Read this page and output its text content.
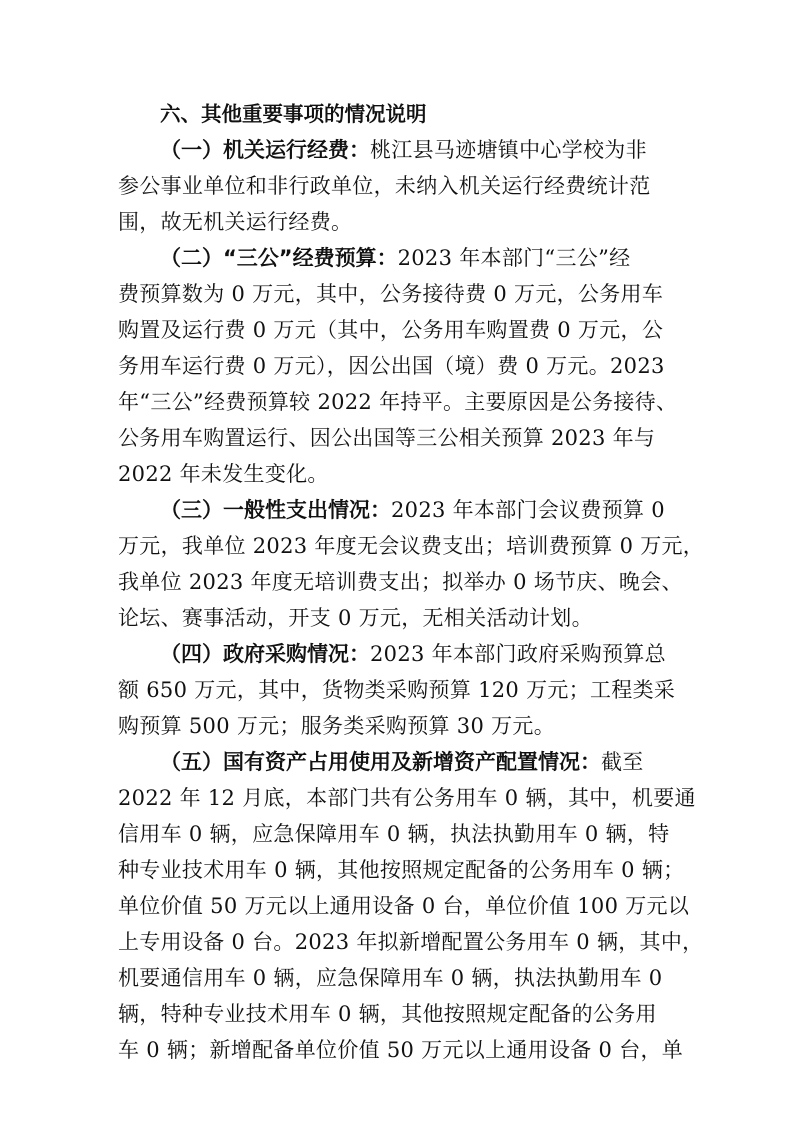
六、其他重要事项的情况说明
（一）机关运行经费：桃江县马迹塘镇中心学校为非
参公事业单位和非行政单位，未纳入机关运行经费统计范
围，故无机关运行经费。
（二）“三公”经费预算：2023 年本部门“三公”经
费预算数为 0 万元，其中，公务接待费 0 万元，公务用车
购置及运行费 0 万元（其中，公务用车购置费 0 万元，公
务用车运行费 0 万元），因公出国（境）费 0 万元。2023
年“三公”经费预算较 2022 年持平。主要原因是公务接待、
公务用车购置运行、因公出国等三公相关预算 2023 年与
2022 年未发生变化。
（三）一般性支出情况：2023 年本部门会议费预算 0
万元，我单位 2023 年度无会议费支出；培训费预算 0 万元，
我单位 2023 年度无培训费支出；拟举办 0 场节庆、晚会、
论坛、赛事活动，开支 0 万元，无相关活动计划。
（四）政府采购情况：2023 年本部门政府采购预算总
额 650 万元，其中，货物类采购预算 120 万元；工程类采
购预算 500 万元；服务类采购预算 30 万元。
（五）国有资产占用使用及新增资产配置情况：截至
2022 年 12 月底，本部门共有公务用车 0 辆，其中，机要通
信用车 0 辆，应急保障用车 0 辆，执法执勤用车 0 辆，特
种专业技术用车 0 辆，其他按照规定配备的公务用车 0 辆；
单位价值 50 万元以上通用设备 0 台，单位价值 100 万元以
上专用设备 0 台。2023 年拟新增配置公务用车 0 辆，其中，
机要通信用车 0 辆，应急保障用车 0 辆，执法执勤用车 0
辆，特种专业技术用车 0 辆，其他按照规定配备的公务用
车 0 辆；新增配备单位价值 50 万元以上通用设备 0 台，单
